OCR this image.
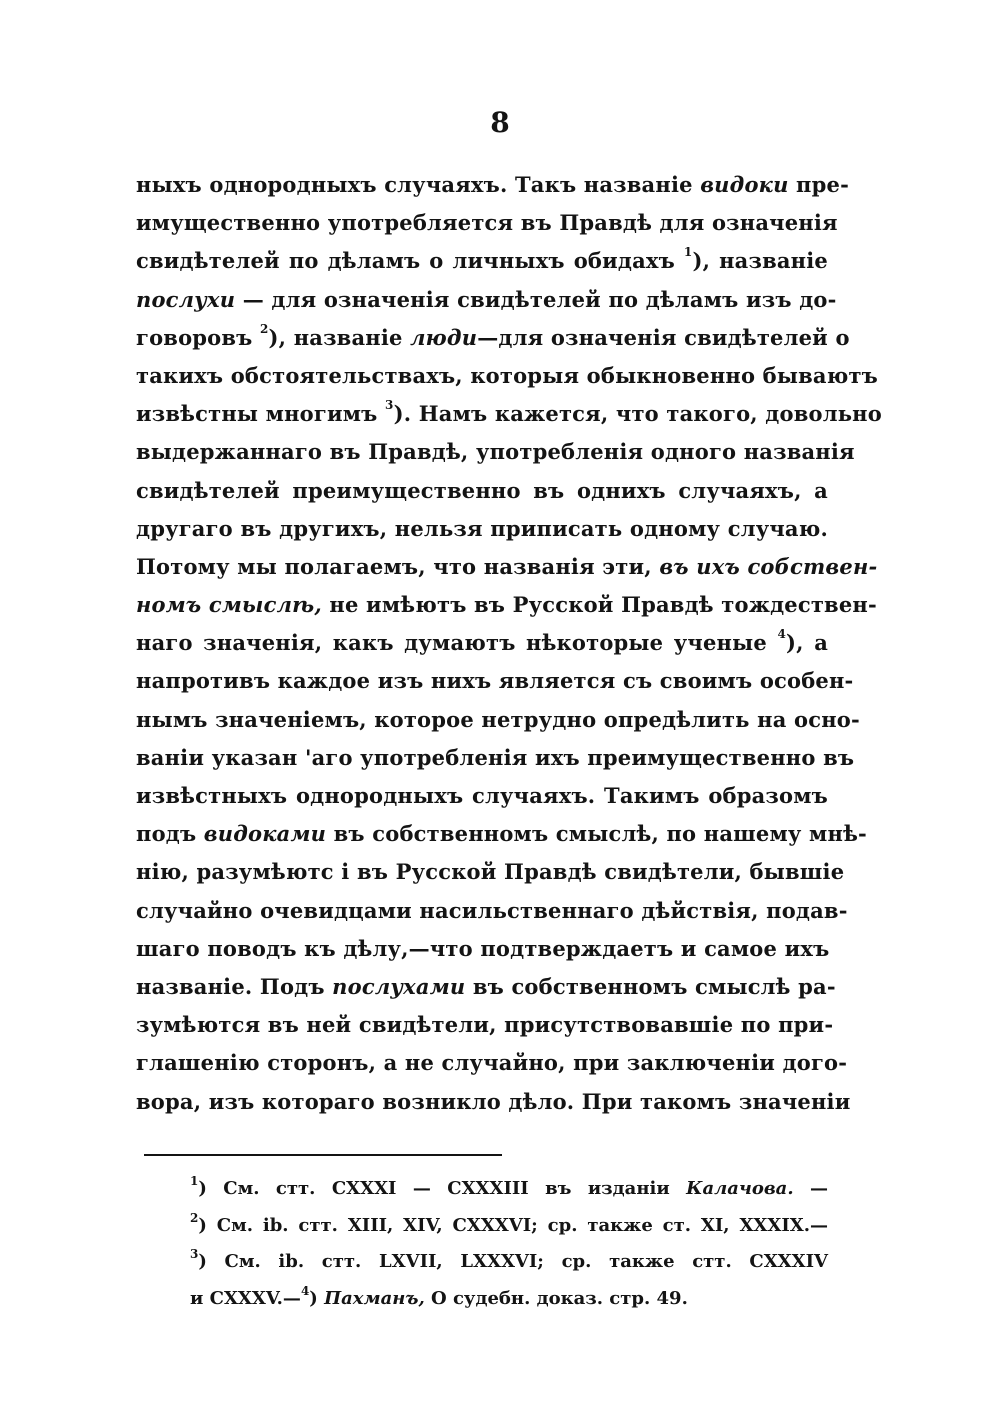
8
ныхъ однородныхъ случаяхъ. Такъ названіе видоки пре-
имущественно употребляется въ Правдѣ для означенія
свидѣтелей по дѣламъ о личныхъ обидахъ $^1$), названіе
послухи — для означенія свидѣтелей по дѣламъ изъ до-
говоровъ $^2$), названіе люди—для означенія свидѣтелей о
такихъ обстоятельствахъ, которыя обыкновенно бываютъ
извѣстны многимъ $^3$). Намъ кажется, что такого, довольно
выдержаннаго въ Правдѣ, употребленія одного названія
свидѣтелей преимущественно въ однихъ случаяхъ, а
другаго въ другихъ, нельзя приписать одному случаю.
Потому мы полагаемъ, что названія эти, въ ихъ собствен-
номъ смыслѣ, не имѣютъ въ Русской Правдѣ тождествен-
наго значенія, какъ думаютъ нѣкоторые ученые $^4$), а
напротивъ каждое изъ нихъ является съ своимъ особен-
нымъ значеніемъ, которое нетрудно опредѣлить на осно-
ваніи указан 'аго употребленія ихъ преимущественно въ
извѣстныхъ однородныхъ случаяхъ. Такимъ образомъ
подъ видоками въ собственномъ смыслѣ, по нашему мнѣ-
нію, разумѣютс і въ Русской Правдѣ свидѣтели, бывшіе
случайно очевидцами насильственнаго дѣйствія, подав-
шаго поводъ къ дѣлу,—что подтверждаетъ и самое ихъ
названіе. Подъ послухами въ собственномъ смыслѣ ра-
зумѣются въ ней свидѣтели, присутствовавшіе по при-
глашенію сторонъ, а не случайно, при заключеніи дого-
вора, изъ котораго возникло дѣло. При такомъ значеніи
$^1$) См. стт. CXXXI — CXXXIII въ изданіи Калачова. —
$^2$) См. ib. стт. XIII, XIV, CXXXVI; ср. также ст. XI, XXXIX.—
$^3$) См. ib. стт. LXVII, LXXXVI; ср. также стт. CXXXIV
и CXXXV.—$^4$) Пахманъ, О судебн. доказ. стр. 49.
